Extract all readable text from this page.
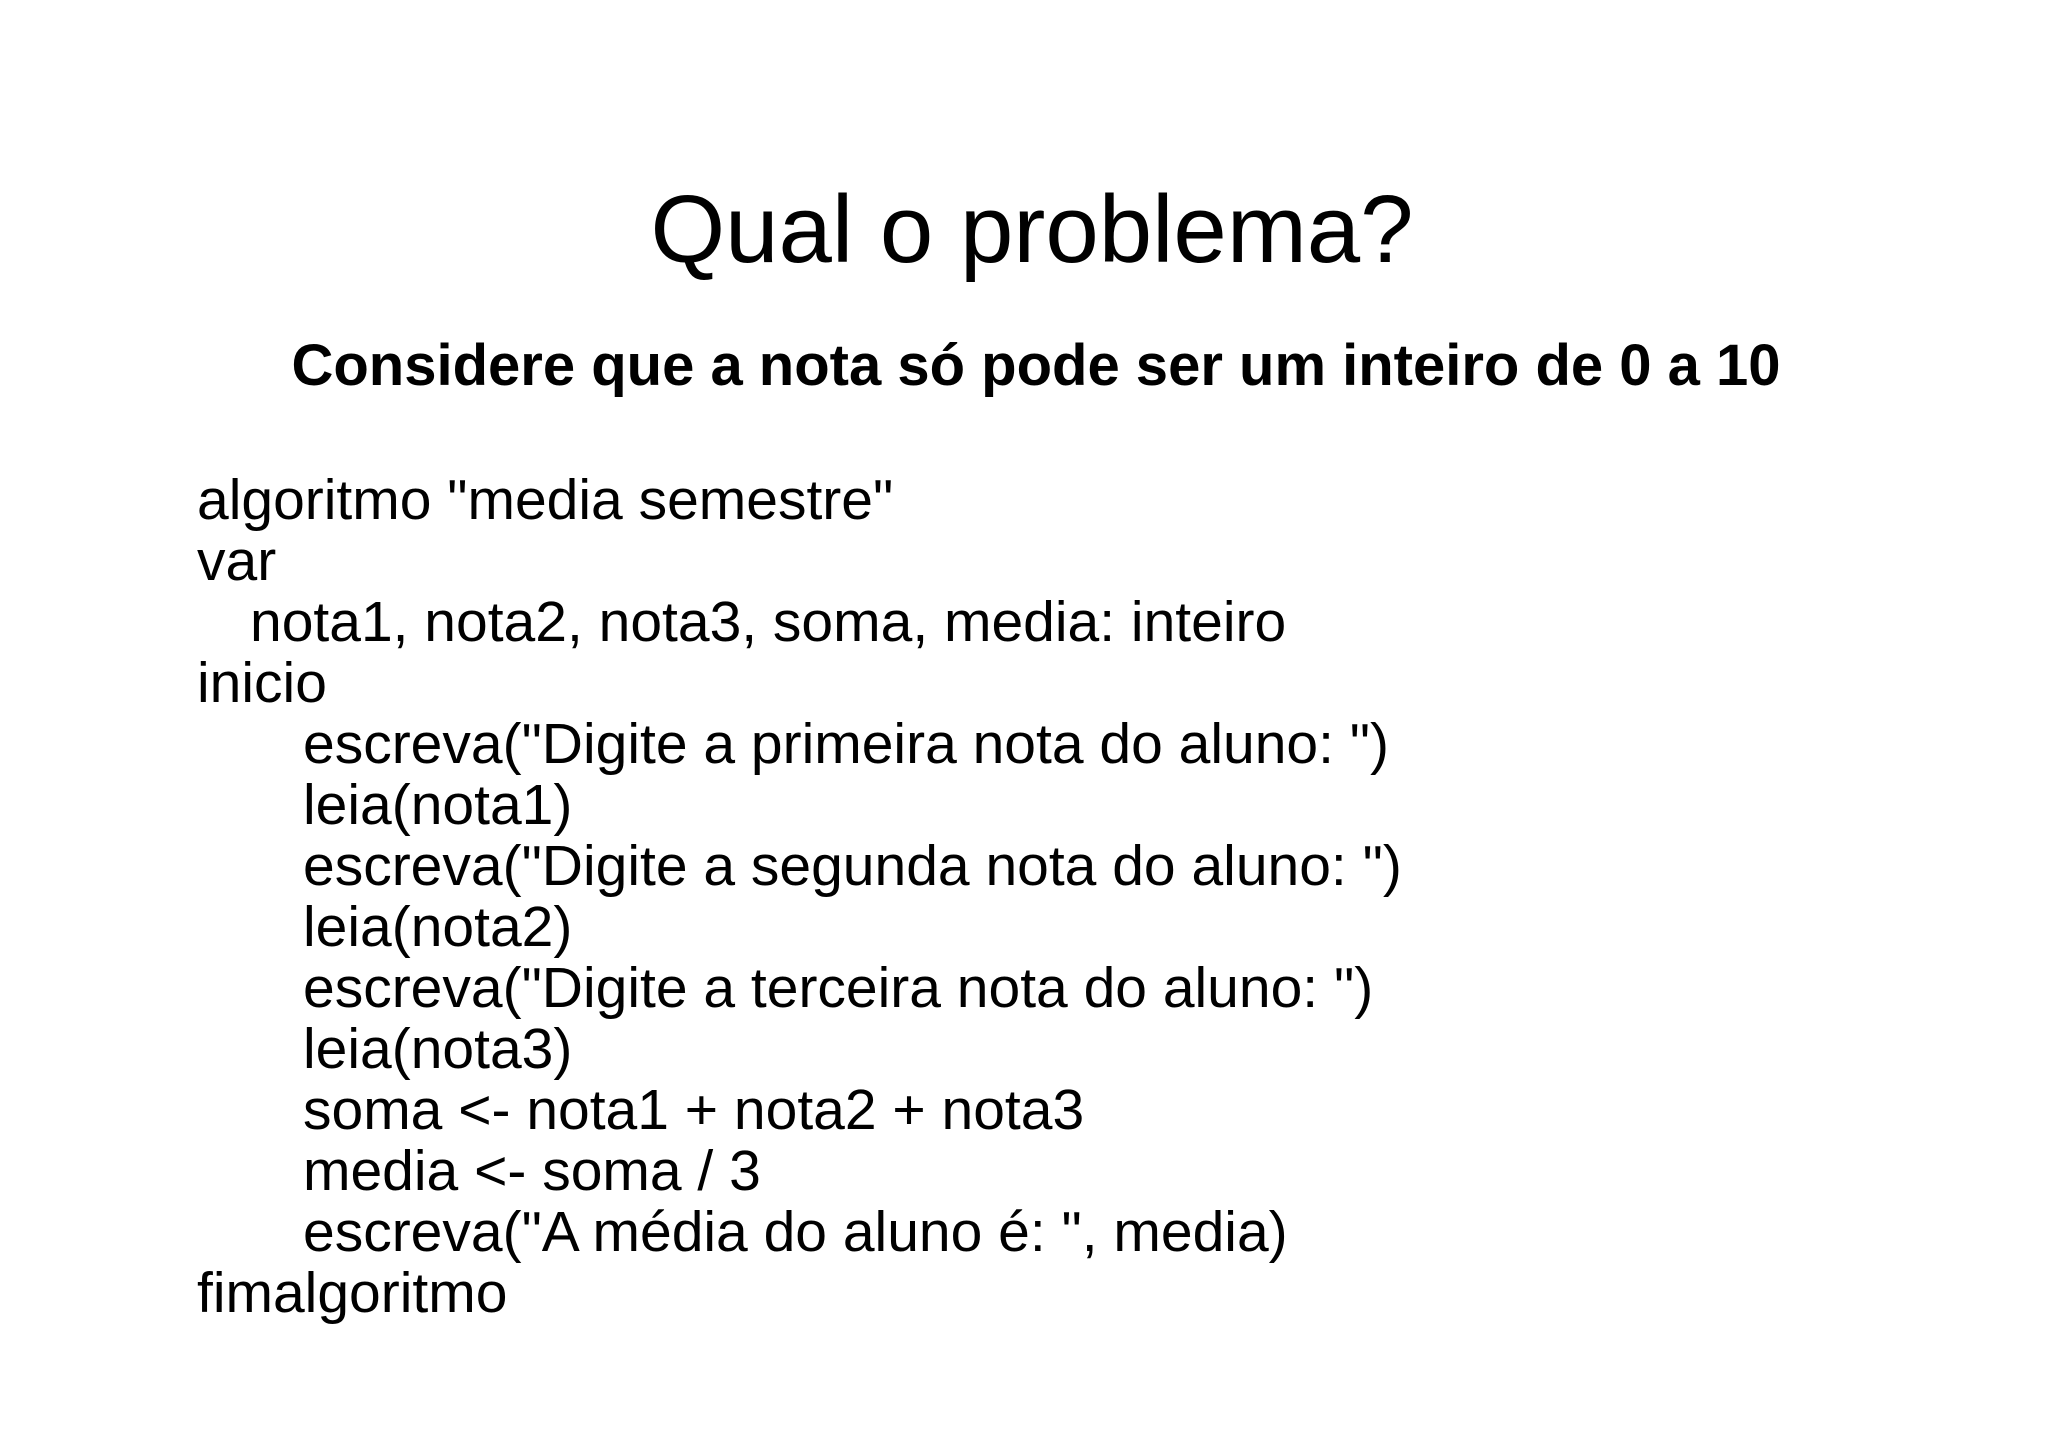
Qual o problema?
Considere que a nota só pode ser um inteiro de 0 a 10
algoritmo "media semestre"
var
nota1, nota2, nota3, soma, media: inteiro
inicio
escreva("Digite a primeira nota do aluno: ")
leia(nota1)
escreva("Digite a segunda nota do aluno: ")
leia(nota2)
escreva("Digite a terceira nota do aluno: ")
leia(nota3)
soma <- nota1 + nota2 + nota3
media <- soma / 3
escreva("A média do aluno é: ", media)
fimalgoritmo
